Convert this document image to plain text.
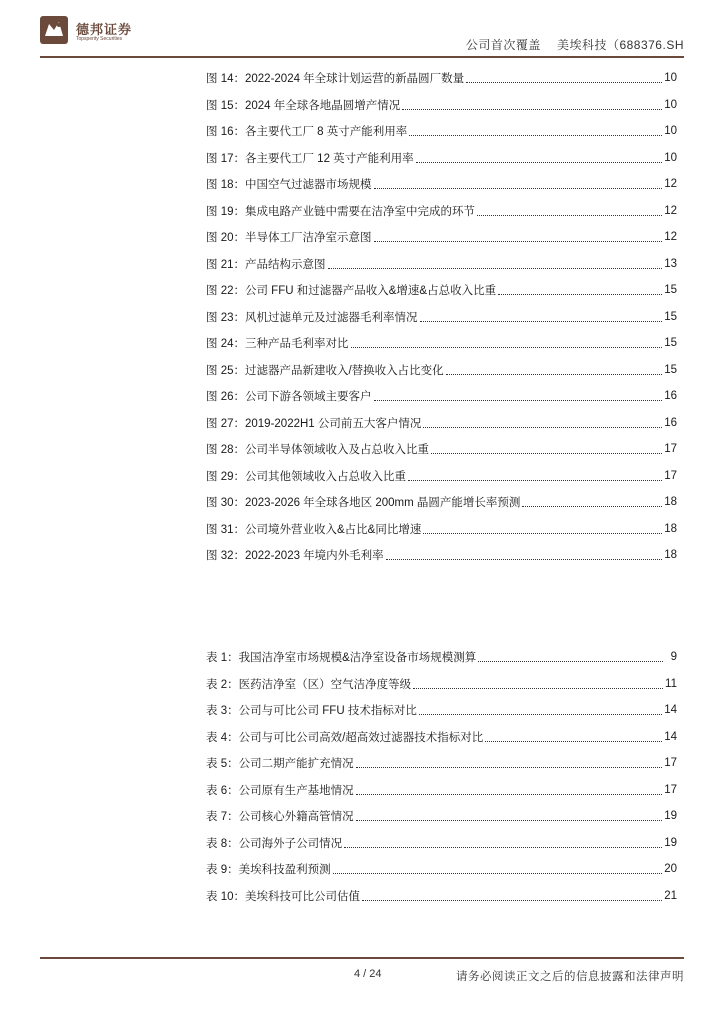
德邦证券
Topsperity Securities	公司首次覆盖 美埃科技（688376.SH
图 14：2022-2024 年全球计划运营的新晶圆厂数量	10
图 15：2024 年全球各地晶圆增产情况	10
图 16：各主要代工厂 8 英寸产能利用率	10
图 17：各主要代工厂 12 英寸产能利用率	10
图 18：中国空气过滤器市场规模	12
图 19：集成电路产业链中需要在洁净室中完成的环节	12
图 20：半导体工厂洁净室示意图	12
图 21：产品结构示意图	13
图 22：公司 FFU 和过滤器产品收入&增速&占总收入比重	15
图 23：风机过滤单元及过滤器毛利率情况	15
图 24：三种产品毛利率对比	15
图 25：过滤器产品新建收入/替换收入占比变化	15
图 26：公司下游各领域主要客户	16
图 27：2019-2022H1 公司前五大客户情况	16
图 28：公司半导体领域收入及占总收入比重	17
图 29：公司其他领域收入占总收入比重	17
图 30：2023-2026 年全球各地区 200mm 晶圆产能增长率预测	18
图 31：公司境外营业收入&占比&同比增速	18
图 32：2022-2023 年境内外毛利率	18
表 1：我国洁净室市场规模&洁净室设备市场规模测算	9
表 2：医药洁净室（区）空气洁净度等级	11
表 3：公司与可比公司 FFU 技术指标对比	14
表 4：公司与可比公司高效/超高效过滤器技术指标对比	14
表 5：公司二期产能扩充情况	17
表 6：公司原有生产基地情况	17
表 7：公司核心外籍高管情况	19
表 8：公司海外子公司情况	19
表 9：美埃科技盈利预测	20
表 10：美埃科技可比公司估值	21
4 / 24	请务必阅读正文之后的信息披露和法律声明
